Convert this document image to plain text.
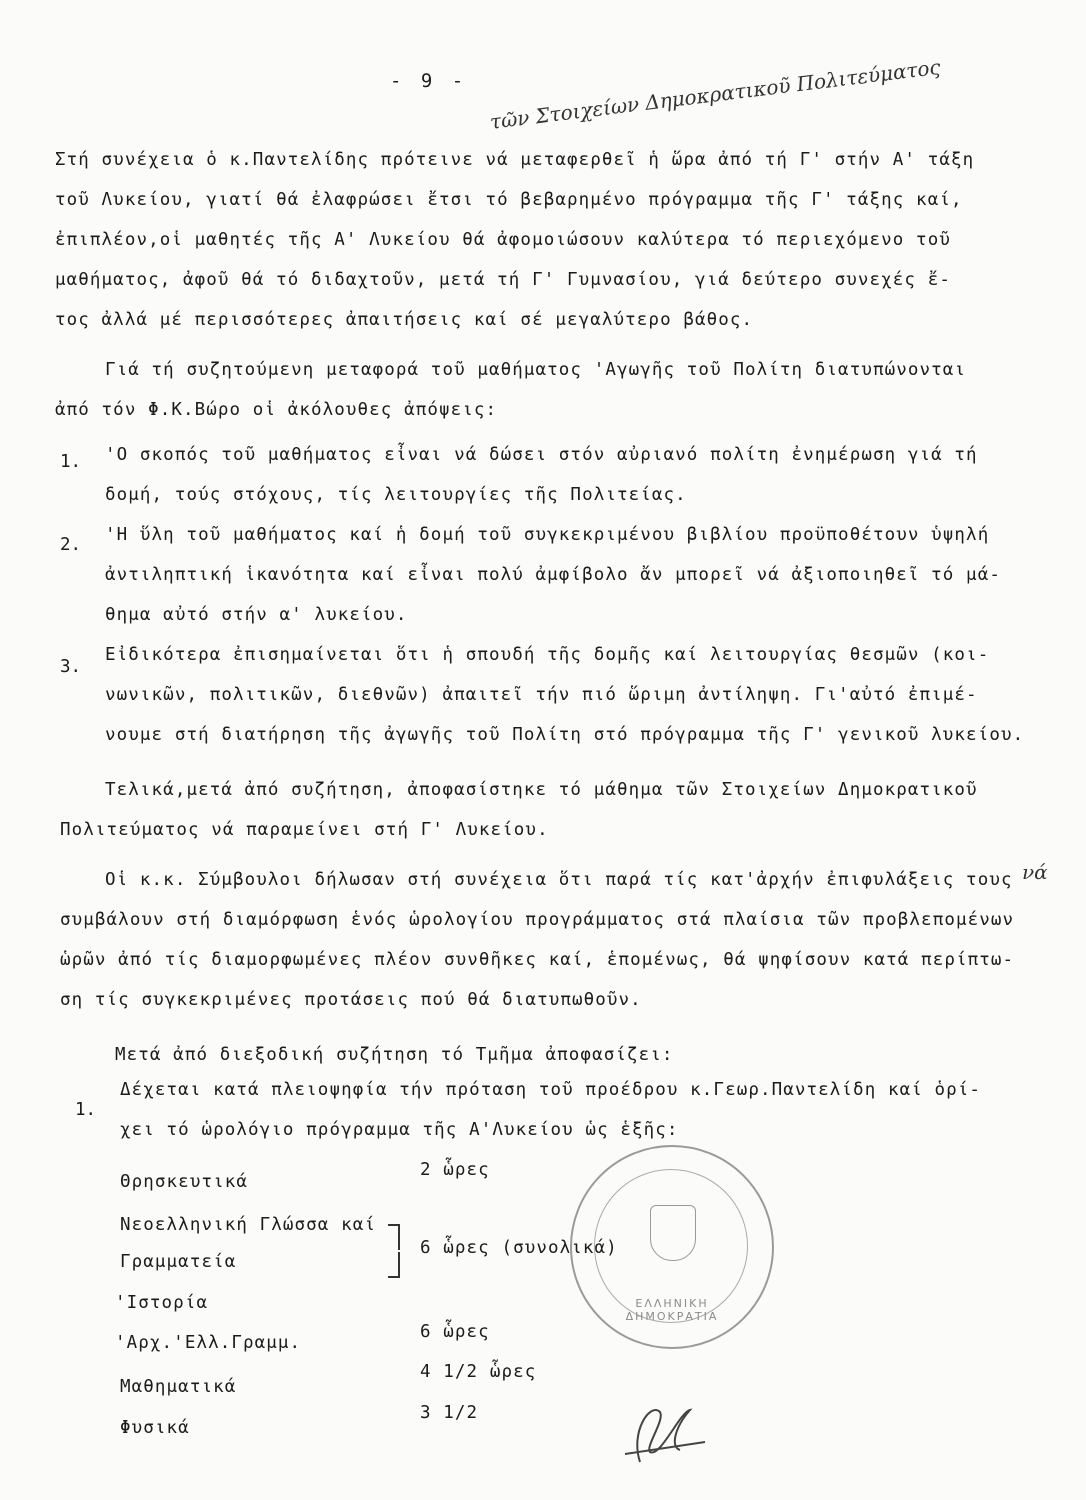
- 9 - τῶν Στοιχείων Δημοκρατικοῦ Πολιτεύματος
Στή συνέχεια ὁ κ.Παντελίδης πρότεινε νά μεταφερθεῖ ἡ ὥρα ἀπό τή Γ' στήν Α' τάξη
τοῦ Λυκείου, γιατί θά ἐλαφρώσει ἔτσι τό βεβαρημένο πρόγραμμα τῆς Γ' τάξης καί,
ἐπιπλέον,οἱ μαθητές τῆς Α' Λυκείου θά ἀφομοιώσουν καλύτερα τό περιεχόμενο τοῦ
μαθήματος, ἀφοῦ θά τό διδαχτοῦν, μετά τή Γ' Γυμνασίου, γιά δεύτερο συνεχές ἔ-
τος ἀλλά μέ περισσότερες ἀπαιτήσεις καί σέ μεγαλύτερο βάθος.
Γιά τή συζητούμενη μεταφορά τοῦ μαθήματος 'Αγωγῆς τοῦ Πολίτη διατυπώνονται
ἀπό τόν Φ.Κ.Βώρο οἱ ἀκόλουθες ἀπόψεις:
1. 'Ο σκοπός τοῦ μαθήματος εἶναι νά δώσει στόν αὐριανό πολίτη ἐνημέρωση γιά τή
δομή, τούς στόχους, τίς λειτουργίες τῆς Πολιτείας.
2. 'Η ὕλη τοῦ μαθήματος καί ἡ δομή τοῦ συγκεκριμένου βιβλίου προϋποθέτουν ὑψηλή
ἀντιληπτική ἱκανότητα καί εἶναι πολύ ἀμφίβολο ἄν μπορεῖ νά ἀξιοποιηθεῖ τό μά-
θημα αὐτό στήν α' λυκείου.
3.
Εἰδικότερα ἐπισημαίνεται ὅτι ἡ σπουδή τῆς δομῆς καί λειτουργίας θεσμῶν (κοι-
νωνικῶν, πολιτικῶν, διεθνῶν) ἀπαιτεῖ τήν πιό ὥριμη ἀντίληψη. Γι'αὐτό ἐπιμέ-
νουμε στή διατήρηση τῆς ἀγωγῆς τοῦ Πολίτη στό πρόγραμμα τῆς Γ' γενικοῦ λυκείου.
Τελικά,μετά ἀπό συζήτηση, ἀποφασίστηκε τό μάθημα τῶν Στοιχείων Δημοκρατικοῦ
Πολιτεύματος νά παραμείνει στή Γ' Λυκείου.
Οἱ κ.κ. Σύμβουλοι δήλωσαν στή συνέχεια ὅτι παρά τίς κατ'ἀρχήν ἐπιφυλάξεις τους νά
συμβάλουν στή διαμόρφωση ἑνός ὡρολογίου προγράμματος στά πλαίσια τῶν προβλεπομένων
ὡρῶν ἀπό τίς διαμορφωμένες πλέον συνθῆκες καί, ἑπομένως, θά ψηφίσουν κατά περίπτω-
ση τίς συγκεκριμένες προτάσεις πού θά διατυπωθοῦν.
Μετά ἀπό διεξοδική συζήτηση τό Τμῆμα ἀποφασίζει:
1.
Δέχεται κατά πλειοψηφία τήν πρόταση τοῦ προέδρου κ.Γεωρ.Παντελίδη καί ὁρί-
χει τό ὡρολόγιο πρόγραμμα τῆς Α'Λυκείου ὡς ἑξῆς:
Θρησκευτικά
2 ὧρες
Νεοελληνική Γλώσσα καί
Γραμματεία
6 ὧρες (συνολικά)
'Ιστορία
'Αρχ.'Ελλ.Γραμμ.
6 ὧρες
Μαθηματικά
4 1/2 ὧρες
Φυσικά
3 1/2
ΕΛΛΗΝΙΚΗ ΔΗΜΟΚΡΑΤΙΑ
